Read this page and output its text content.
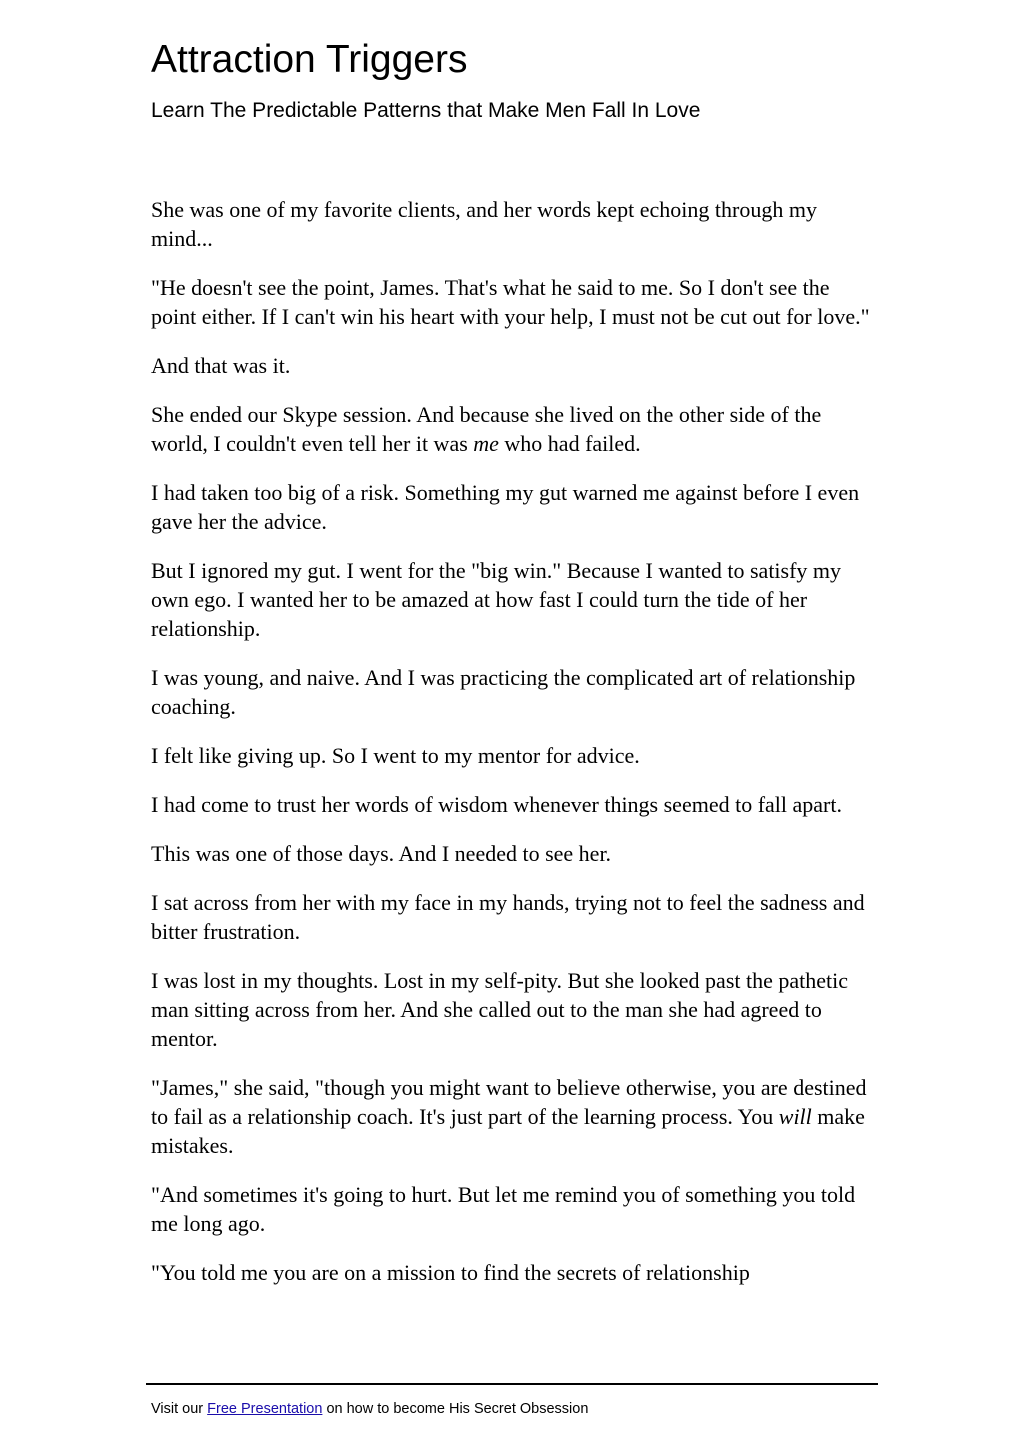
Attraction Triggers
Learn The Predictable Patterns that Make Men Fall In Love

She was one of my favorite clients, and her words kept echoing through my mind...

"He doesn't see the point, James. That's what he said to me. So I don't see the point either. If I can't win his heart with your help, I must not be cut out for love."

And that was it.

She ended our Skype session. And because she lived on the other side of the world, I couldn't even tell her it was me who had failed.

I had taken too big of a risk. Something my gut warned me against before I even gave her the advice.

But I ignored my gut. I went for the "big win." Because I wanted to satisfy my own ego. I wanted her to be amazed at how fast I could turn the tide of her relationship.

I was young, and naive. And I was practicing the complicated art of relationship coaching.

I felt like giving up. So I went to my mentor for advice.

I had come to trust her words of wisdom whenever things seemed to fall apart.

This was one of those days. And I needed to see her.

I sat across from her with my face in my hands, trying not to feel the sadness and bitter frustration.

I was lost in my thoughts. Lost in my self-pity. But she looked past the pathetic man sitting across from her. And she called out to the man she had agreed to mentor.

"James," she said, "though you might want to believe otherwise, you are destined to fail as a relationship coach. It's just part of the learning process. You will make mistakes.

"And sometimes it's going to hurt. But let me remind you of something you told me long ago.

"You told me you are on a mission to find the secrets of relationship

Visit our Free Presentation on how to become His Secret Obsession
